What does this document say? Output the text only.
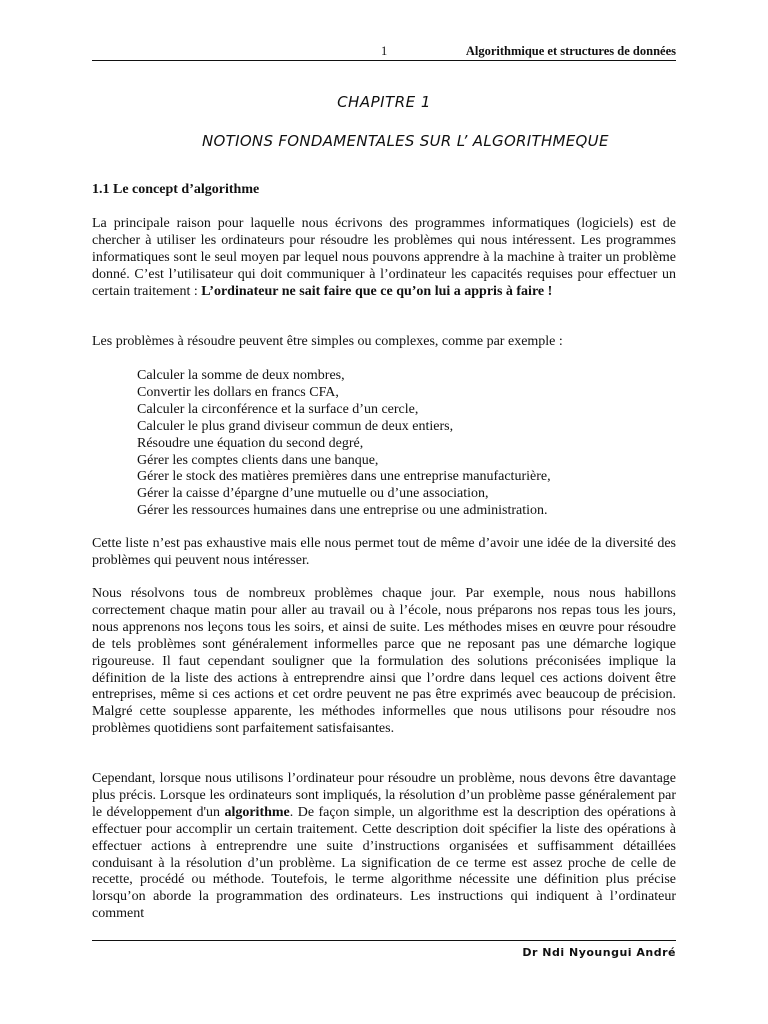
1	Algorithmique et structures de données
CHAPITRE 1
NOTIONS FONDAMENTALES SUR L’ ALGORITHMEQUE
1.1 Le concept d’algorithme

La principale raison pour laquelle nous écrivons des programmes informatiques (logiciels) est de chercher à utiliser les ordinateurs pour résoudre les problèmes qui nous intéressent. Les programmes informatiques sont le seul moyen par lequel nous pouvons apprendre à la machine à traiter un problème donné. C’est l’utilisateur qui doit communiquer à l’ordinateur les capacités requises pour effectuer un certain traitement : L’ordinateur ne sait faire que ce qu’on lui a appris à faire !

Les problèmes à résoudre peuvent être simples ou complexes, comme par exemple :

Calculer la somme de deux nombres,
Convertir les dollars en francs CFA,
Calculer la circonférence et la surface d’un cercle,
Calculer le plus grand diviseur commun de deux entiers,
Résoudre une équation du second degré,
Gérer les comptes clients dans une banque,
Gérer le stock des matières premières dans une entreprise manufacturière,
Gérer la caisse d’épargne d’une mutuelle ou d’une association,
Gérer les ressources humaines dans une entreprise ou une administration.

Cette liste n’est pas exhaustive mais elle nous permet tout de même d’avoir une idée de la diversité des problèmes qui peuvent nous intéresser.

Nous résolvons tous de nombreux problèmes chaque jour. Par exemple, nous nous habillons correctement chaque matin pour aller au travail ou à l’école, nous préparons nos repas tous les jours, nous apprenons nos leçons tous les soirs, et ainsi de suite. Les méthodes mises en œuvre pour résoudre de tels problèmes sont généralement informelles parce que ne reposant pas une démarche logique rigoureuse. Il faut cependant souligner que la formulation des solutions préconisées implique la définition de la liste des actions à entreprendre ainsi que l’ordre dans lequel ces actions doivent être entreprises, même si ces actions et cet ordre peuvent ne pas être exprimés avec beaucoup de précision. Malgré cette souplesse apparente, les méthodes informelles que nous utilisons pour résoudre nos problèmes quotidiens sont parfaitement satisfaisantes.

Cependant, lorsque nous utilisons l’ordinateur pour résoudre un problème, nous devons être davantage plus précis. Lorsque les ordinateurs sont impliqués, la résolution d’un problème passe généralement par le développement d'un algorithme. De façon simple, un algorithme est la description des opérations à effectuer pour accomplir un certain traitement. Cette description doit spécifier la liste des opérations à effectuer actions à entreprendre une suite d’instructions organisées et suffisamment détaillées conduisant à la résolution d’un problème. La signification de ce terme est assez proche de celle de recette, procédé ou méthode. Toutefois, le terme algorithme nécessite une définition plus précise lorsqu’on aborde la programmation des ordinateurs. Les instructions qui indiquent à l’ordinateur comment

Dr Ndi Nyoungui André
